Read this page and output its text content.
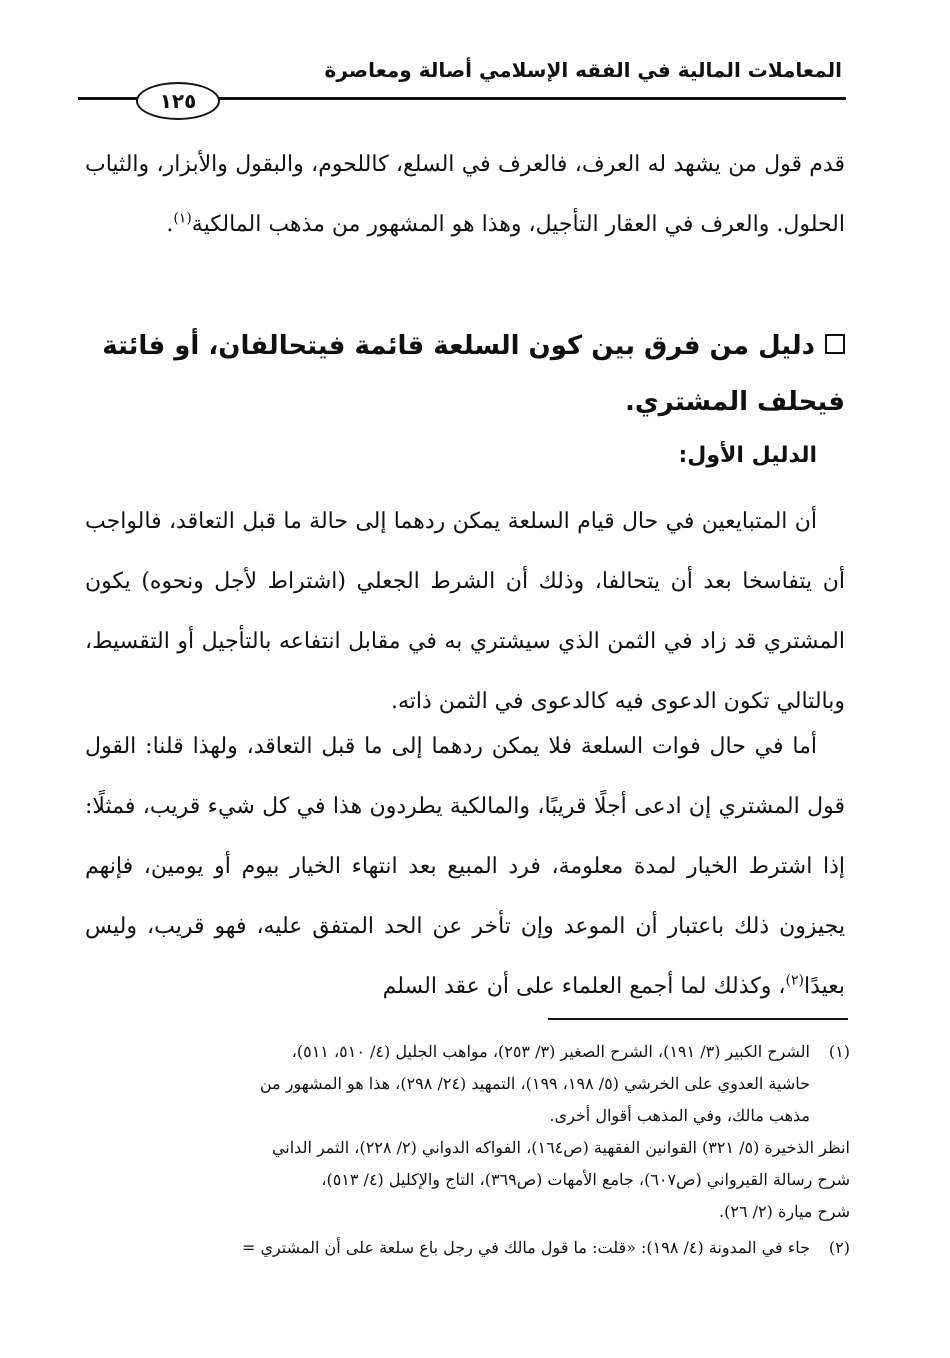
المعاملات المالية في الفقه الإسلامي أصالة ومعاصرة
١٢٥
قدم قول من يشهد له العرف، فالعرف في السلع، كاللحوم، والبقول والأبزار، والثياب الحلول. والعرف في العقار التأجيل، وهذا هو المشهور من مذهب المالكية$^{(١)}$.
دليل من فرق بين كون السلعة قائمة فيتحالفان، أو فائتة فيحلف المشتري.
الدليل الأول:
أن المتبايعين في حال قيام السلعة يمكن ردهما إلى حالة ما قبل التعاقد، فالواجب أن يتفاسخا بعد أن يتحالفا، وذلك أن الشرط الجعلي (اشتراط لأجل ونحوه) يكون المشتري قد زاد في الثمن الذي سيشتري به في مقابل انتفاعه بالتأجيل أو التقسيط، وبالتالي تكون الدعوى فيه كالدعوى في الثمن ذاته.
أما في حال فوات السلعة فلا يمكن ردهما إلى ما قبل التعاقد، ولهذا قلنا: القول قول المشتري إن ادعى أجلًا قريبًا، والمالكية يطردون هذا في كل شيء قريب، فمثلًا: إذا اشترط الخيار لمدة معلومة، فرد المبيع بعد انتهاء الخيار بيوم أو يومين، فإنهم يجيزون ذلك باعتبار أن الموعد وإن تأخر عن الحد المتفق عليه، فهو قريب، وليس بعيدًا$^{(٢)}$، وكذلك لما أجمع العلماء على أن عقد السلم
(١)
الشرح الكبير (٣/ ١٩١)، الشرح الصغير (٣/ ٢٥٣)، مواهب الجليل (٤/ ٥١٠، ٥١١)،
حاشية العدوي على الخرشي (٥/ ١٩٨، ١٩٩)، التمهيد (٢٤/ ٢٩٨)، هذا هو المشهور من
مذهب مالك، وفي المذهب أقوال أخرى.
انظر الذخيرة (٥/ ٣٢١) القوانين الفقهية (ص١٦٤)، الفواكه الدواني (٢/ ٢٢٨)، الثمر الداني
شرح رسالة القيرواني (ص٦٠٧)، جامع الأمهات (ص٣٦٩)، التاج والإكليل (٤/ ٥١٣)،
شرح ميارة (٢/ ٢٦).
(٢)
جاء في المدونة (٤/ ١٩٨): «قلت: ما قول مالك في رجل باع سلعة على أن المشتري =
